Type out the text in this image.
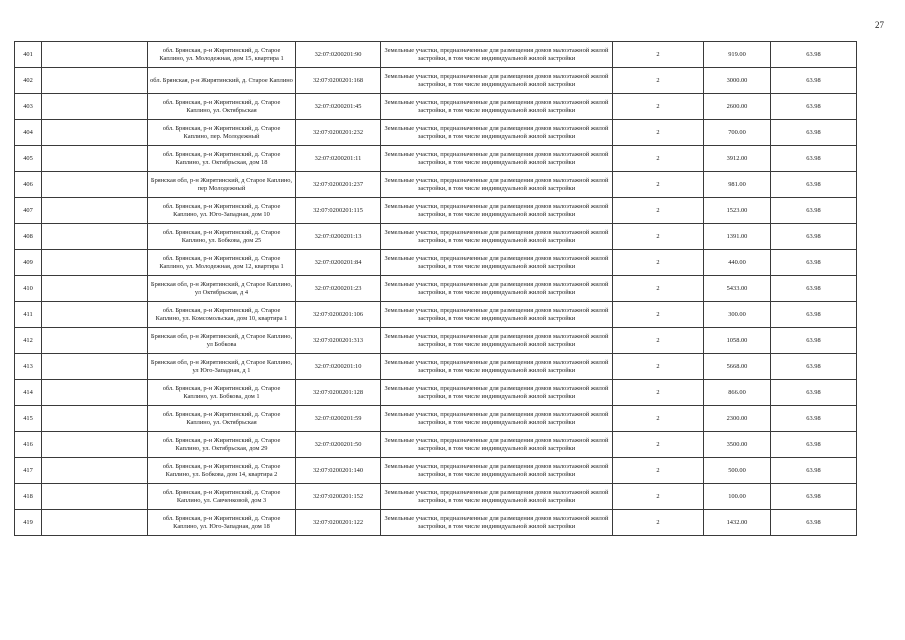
27
401		обл. Брянская, р-н Жирятинский, д. Старое Каплино, ул. Молодежная, дом 15, квартира 1	32:07:0200201:90	Земельные участки, предназначенные для размещения домов малоэтажной жилой застройки, в том числе индивидуальной жилой застройки	2	919.00	63.98	
402		обл. Брянская, р-н Жирятинский, д. Старое Каплино	32:07:0200201:168	Земельные участки, предназначенные для размещения домов малоэтажной жилой застройки, в том числе индивидуальной жилой застройки	2	3000.00	63.98	
403		обл. Брянская, р-н Жирятинский, д. Старое Каплино, ул. Октябрьская	32:07:0200201:45	Земельные участки, предназначенные для размещения домов малоэтажной жилой застройки, в том числе индивидуальной жилой застройки	2	2600.00	63.98	
404		обл. Брянская, р-н Жирятинский, д. Старое Каплино, пер. Молодежный	32:07:0200201:232	Земельные участки, предназначенные для размещения домов малоэтажной жилой застройки, в том числе индивидуальной жилой застройки	2	700.00	63.98	
405		обл. Брянская, р-н Жирятинский, д. Старое Каплино, ул. Октябрьская, дом 18	32:07:0200201:11	Земельные участки, предназначенные для размещения домов малоэтажной жилой застройки, в том числе индивидуальной жилой застройки	2	3912.00	63.98	
406		Брянская обл, р-н Жирятинский, д Старое Каплино, пер Молодежный	32:07:0200201:237	Земельные участки, предназначенные для размещения домов малоэтажной жилой застройки, в том числе индивидуальной жилой застройки	2	981.00	63.98	
407		обл. Брянская, р-н Жирятинский, д. Старое Каплино, ул. Юго-Западная, дом 10	32:07:0200201:115	Земельные участки, предназначенные для размещения домов малоэтажной жилой застройки, в том числе индивидуальной жилой застройки	2	1523.00	63.98	
408		обл. Брянская, р-н Жирятинский, д. Старое Каплино, ул. Бобкова, дом 25	32:07:0200201:13	Земельные участки, предназначенные для размещения домов малоэтажной жилой застройки, в том числе индивидуальной жилой застройки	2	1391.00	63.98	
409		обл. Брянская, р-н Жирятинский, д. Старое Каплино, ул. Молодежная, дом 12, квартира 1	32:07:0200201:84	Земельные участки, предназначенные для размещения домов малоэтажной жилой застройки, в том числе индивидуальной жилой застройки	2	440.00	63.98	
410		Брянская обл, р-н Жирятинский, д Старое Каплино, ул Октябрьская, д 4	32:07:0200201:23	Земельные участки, предназначенные для размещения домов малоэтажной жилой застройки, в том числе индивидуальной жилой застройки	2	5433.00	63.98	
411		обл. Брянская, р-н Жирятинский, д. Старое Каплино, ул. Комсомольская, дом 10, квартира 1	32:07:0200201:106	Земельные участки, предназначенные для размещения домов малоэтажной жилой застройки, в том числе индивидуальной жилой застройки	2	300.00	63.98	
412		Брянская обл, р-н Жирятинский, д Старое Каплино, ул Бобкова	32:07:0200201:313	Земельные участки, предназначенные для размещения домов малоэтажной жилой застройки, в том числе индивидуальной жилой застройки	2	1058.00	63.98	
413		Брянская обл, р-н Жирятинский, д Старое Каплино, ул Юго-Западная, д 1	32:07:0200201:10	Земельные участки, предназначенные для размещения домов малоэтажной жилой застройки, в том числе индивидуальной жилой застройки	2	5668.00	63.98	
414		обл. Брянская, р-н Жирятинский, д. Старое Каплино, ул. Бобкова, дом 1	32:07:0200201:128	Земельные участки, предназначенные для размещения домов малоэтажной жилой застройки, в том числе индивидуальной жилой застройки	2	866.00	63.98	
415		обл. Брянская, р-н Жирятинский, д. Старое Каплино, ул. Октябрьская	32:07:0200201:59	Земельные участки, предназначенные для размещения домов малоэтажной жилой застройки, в том числе индивидуальной жилой застройки	2	2300.00	63.98	
416		обл. Брянская, р-н Жирятинский, д. Старое Каплино, ул. Октябрьская, дом 29	32:07:0200201:50	Земельные участки, предназначенные для размещения домов малоэтажной жилой застройки, в том числе индивидуальной жилой застройки	2	3500.00	63.98	
417		обл. Брянская, р-н Жирятинский, д. Старое Каплино, ул. Бобкова, дом 14, квартира 2	32:07:0200201:140	Земельные участки, предназначенные для размещения домов малоэтажной жилой застройки, в том числе индивидуальной жилой застройки	2	500.00	63.98	
418		обл. Брянская, р-н Жирятинский, д. Старое Каплино, ул. Савченковой, дом 3	32:07:0200201:152	Земельные участки, предназначенные для размещения домов малоэтажной жилой застройки, в том числе индивидуальной жилой застройки	2	100.00	63.98	
419		обл. Брянская, р-н Жирятинский, д. Старое Каплино, ул. Юго-Западная, дом 18	32:07:0200201:122	Земельные участки, предназначенные для размещения домов малоэтажной жилой застройки, в том числе индивидуальной жилой застройки	2	1432.00	63.98	
